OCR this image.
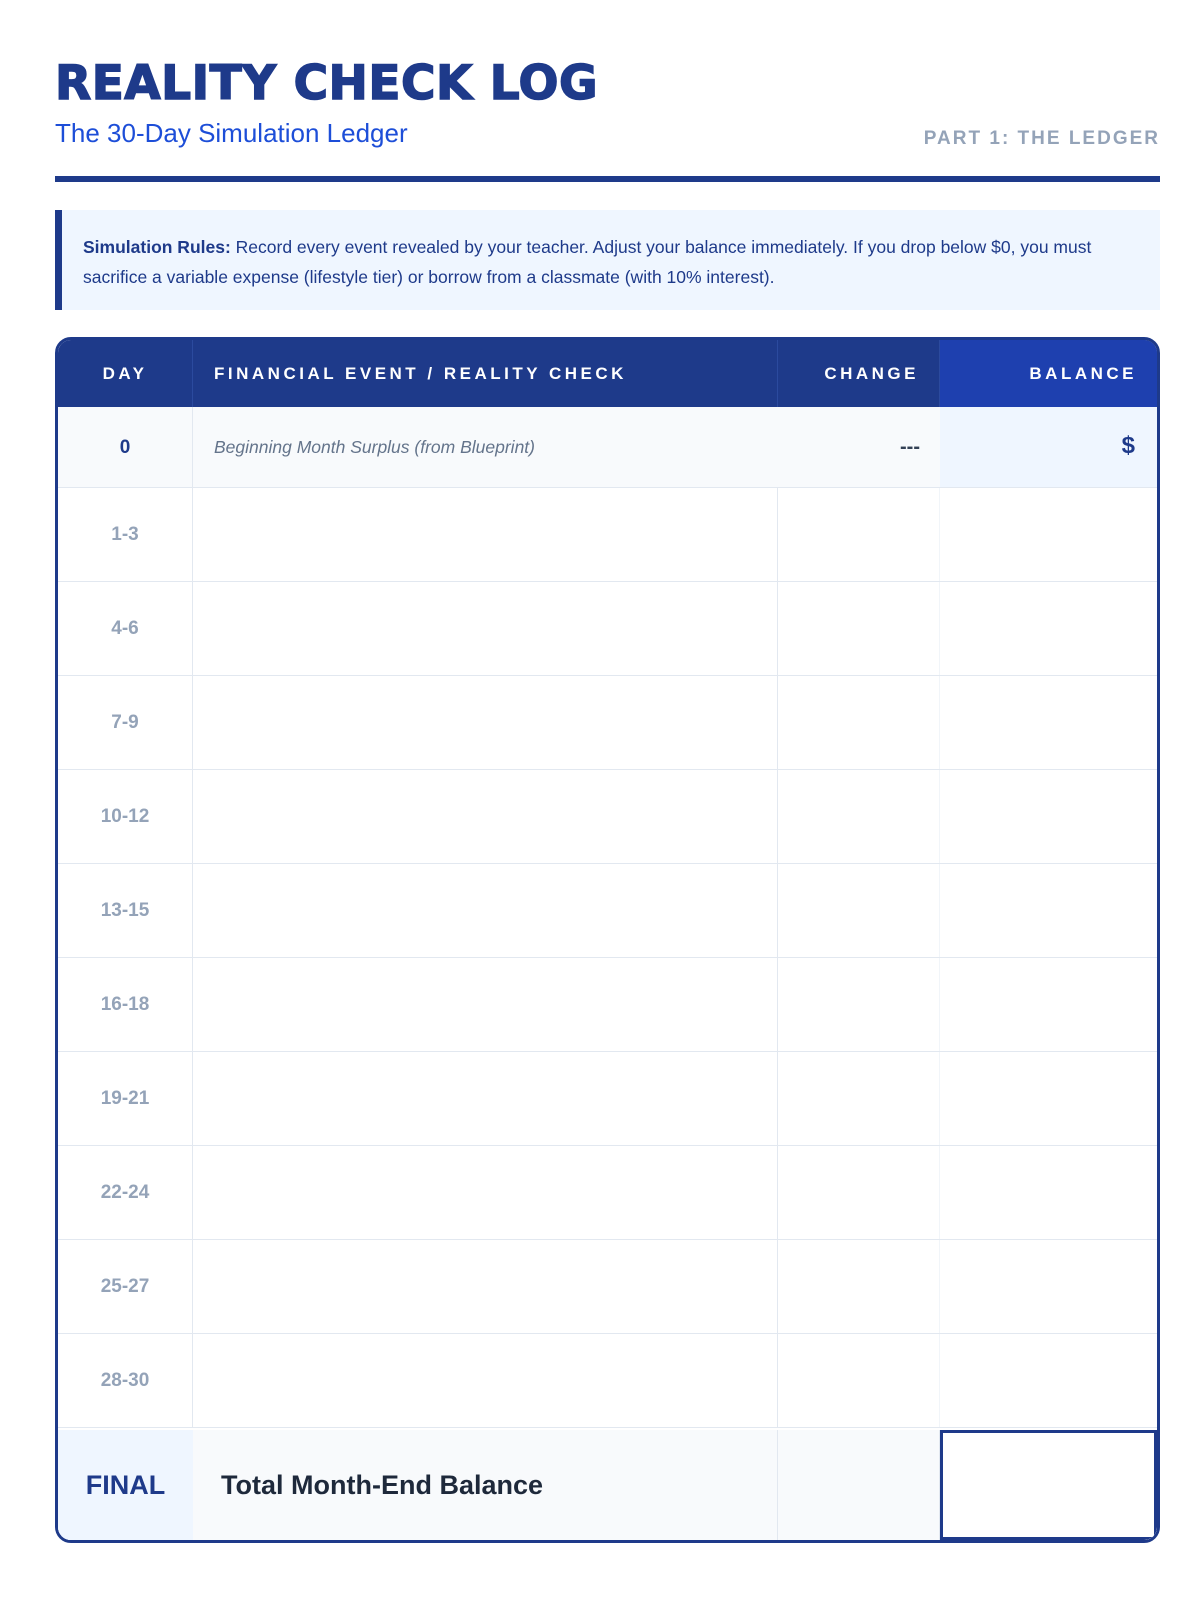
REALITY CHECK LOG
The 30-Day Simulation Ledger	PART 1: THE LEDGER
Simulation Rules: Record every event revealed by your teacher. Adjust your balance immediately. If you drop below $0, you must sacrifice a variable expense (lifestyle tier) or borrow from a classmate (with 10% interest).
DAY	FINANCIAL EVENT / REALITY CHECK	CHANGE	BALANCE
0	Beginning Month Surplus (from Blueprint)	---	$
1-3
4-6
7-9
10-12
13-15
16-18
19-21
22-24
25-27
28-30
FINAL	Total Month-End Balance
